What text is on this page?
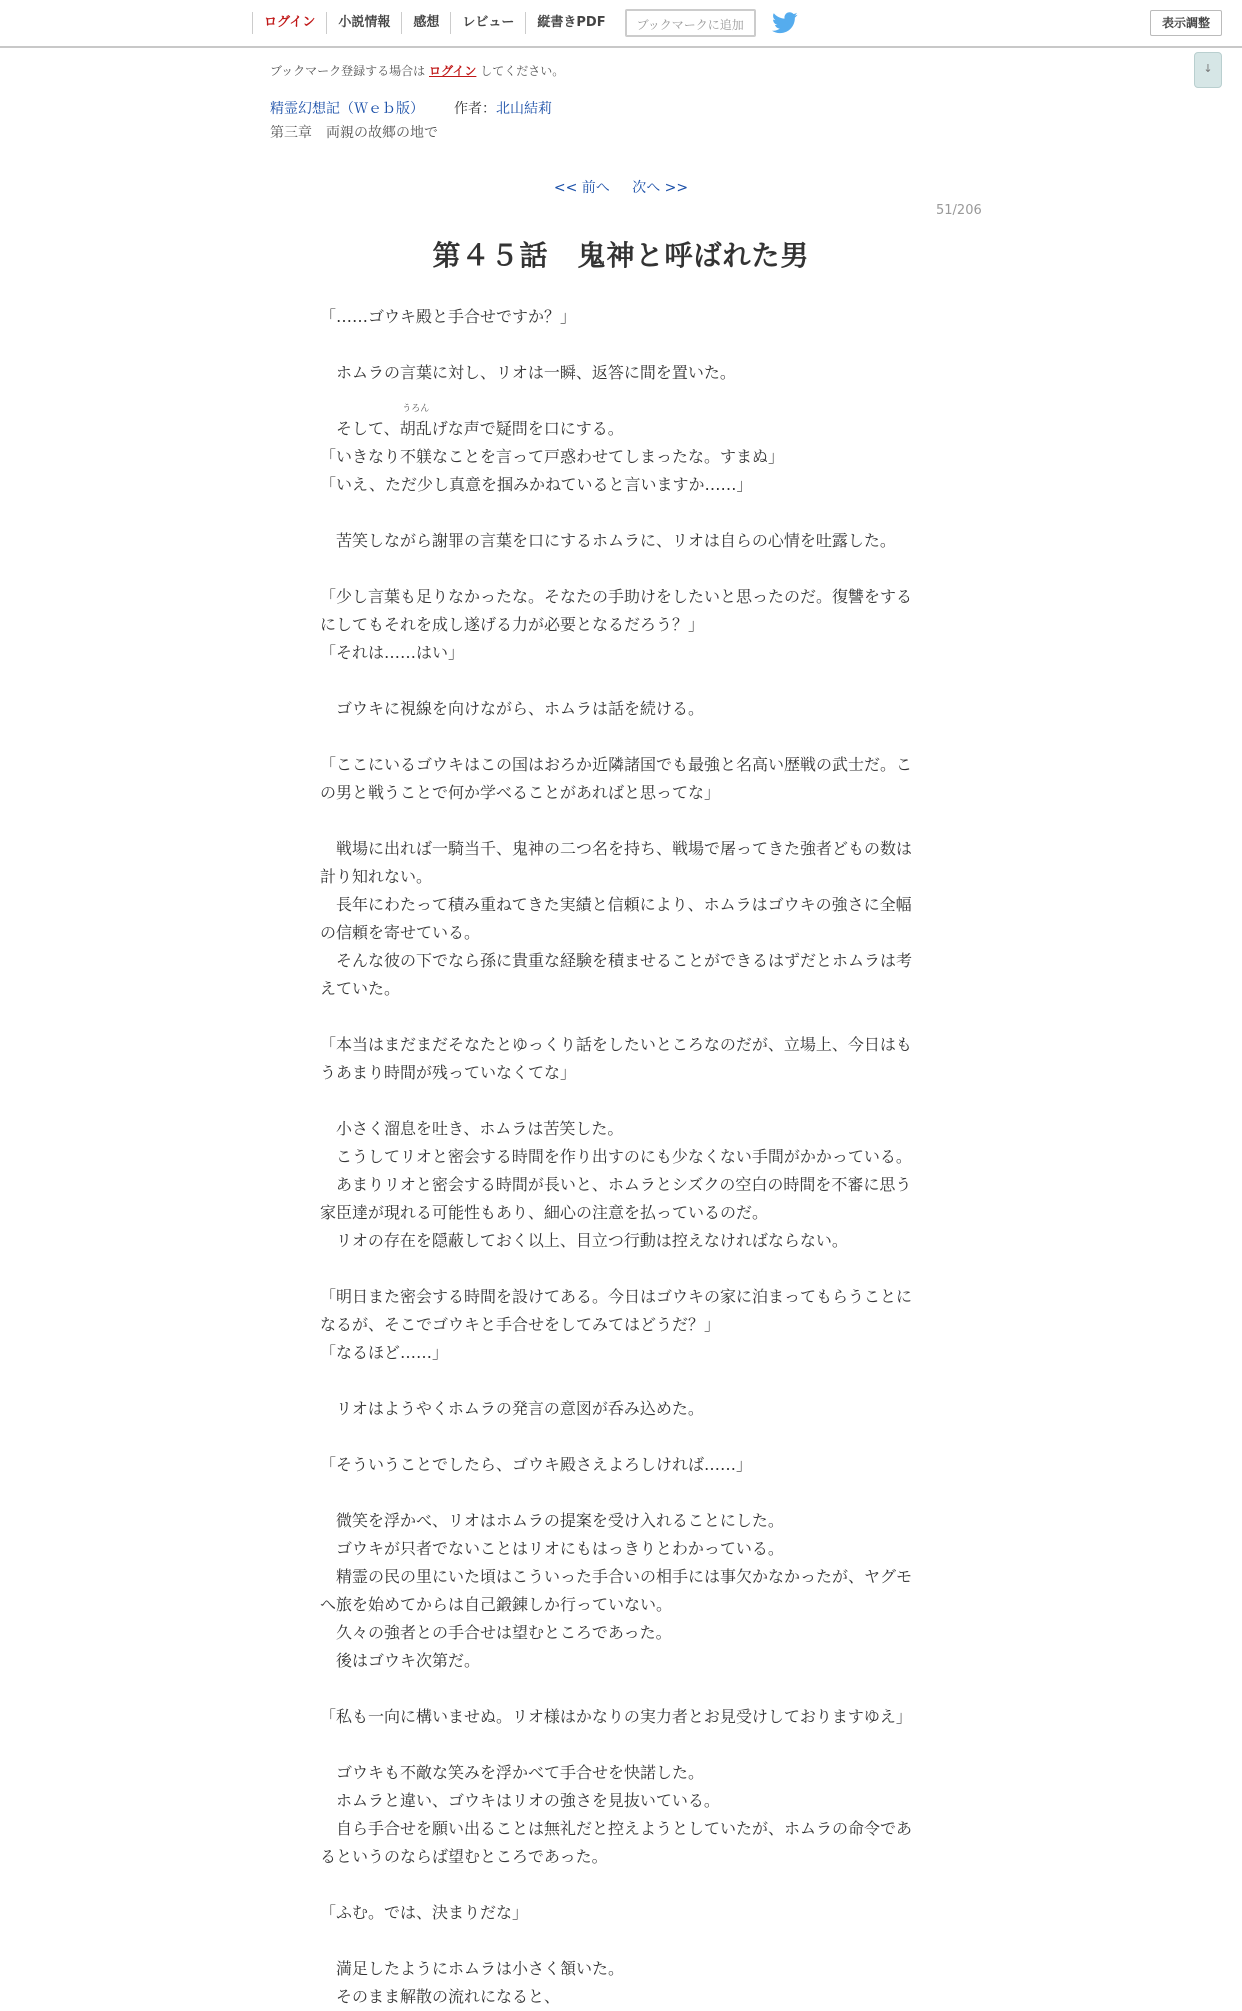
ログイン	小説情報	感想	レビュー	縦書きPDF	ブックマークに追加	表示調整
↓
ブックマーク登録する場合は ログイン してください。
精霊幻想記（Ｗｅｂ版） 作者：北山結莉
第三章　両親の故郷の地で
<< 前へ 次へ >>
51/206
第４５話　鬼神と呼ばれた男

「……ゴウキ殿と手合せですか？」

　ホムラの言葉に対し、リオは一瞬、返答に間を置いた。

　そして、
うろん
胡乱げな声で疑問を口にする。

「いきなり不躾なことを言って戸惑わせてしまったな。すまぬ」

「いえ、ただ少し真意を掴みかねていると言いますか……」

　苦笑しながら謝罪の言葉を口にするホムラに、リオは自らの心情を吐露した。

「少し言葉も足りなかったな。そなたの手助けをしたいと思ったのだ。復讐をするにしてもそれを成し遂げる力が必要となるだろう？」

「それは……はい」

　ゴウキに視線を向けながら、ホムラは話を続ける。

「ここにいるゴウキはこの国はおろか近隣諸国でも最強と名高い歴戦の武士だ。この男と戦うことで何か学べることがあればと思ってな」

　戦場に出れば一騎当千、鬼神の二つ名を持ち、戦場で屠ってきた強者どもの数は計り知れない。

　長年にわたって積み重ねてきた実績と信頼により、ホムラはゴウキの強さに全幅の信頼を寄せている。

　そんな彼の下でなら孫に貴重な経験を積ませることができるはずだとホムラは考えていた。

「本当はまだまだそなたとゆっくり話をしたいところなのだが、立場上、今日はもうあまり時間が残っていなくてな」

　小さく溜息を吐き、ホムラは苦笑した。

　こうしてリオと密会する時間を作り出すのにも少なくない手間がかかっている。

　あまりリオと密会する時間が長いと、ホムラとシズクの空白の時間を不審に思う家臣達が現れる可能性もあり、細心の注意を払っているのだ。

　リオの存在を隠蔽しておく以上、目立つ行動は控えなければならない。

「明日また密会する時間を設けてある。今日はゴウキの家に泊まってもらうことになるが、そこでゴウキと手合せをしてみてはどうだ？」

「なるほど……」

　リオはようやくホムラの発言の意図が呑み込めた。

「そういうことでしたら、ゴウキ殿さえよろしければ……」

　微笑を浮かべ、リオはホムラの提案を受け入れることにした。

　ゴウキが只者でないことはリオにもはっきりとわかっている。

　精霊の民の里にいた頃はこういった手合いの相手には事欠かなかったが、ヤグモへ旅を始めてからは自己鍛錬しか行っていない。

　久々の強者との手合せは望むところであった。

　後はゴウキ次第だ。

「私も一向に構いませぬ。リオ様はかなりの実力者とお見受けしておりますゆえ」

　ゴウキも不敵な笑みを浮かべて手合せを快諾した。

　ホムラと違い、ゴウキはリオの強さを見抜いている。

　自ら手合せを願い出ることは無礼だと控えようとしていたが、ホムラの命令であるというのならば望むところであった。

「ふむ。では、決まりだな」

　満足したようにホムラは小さく頷いた。

　そのまま解散の流れになると、
